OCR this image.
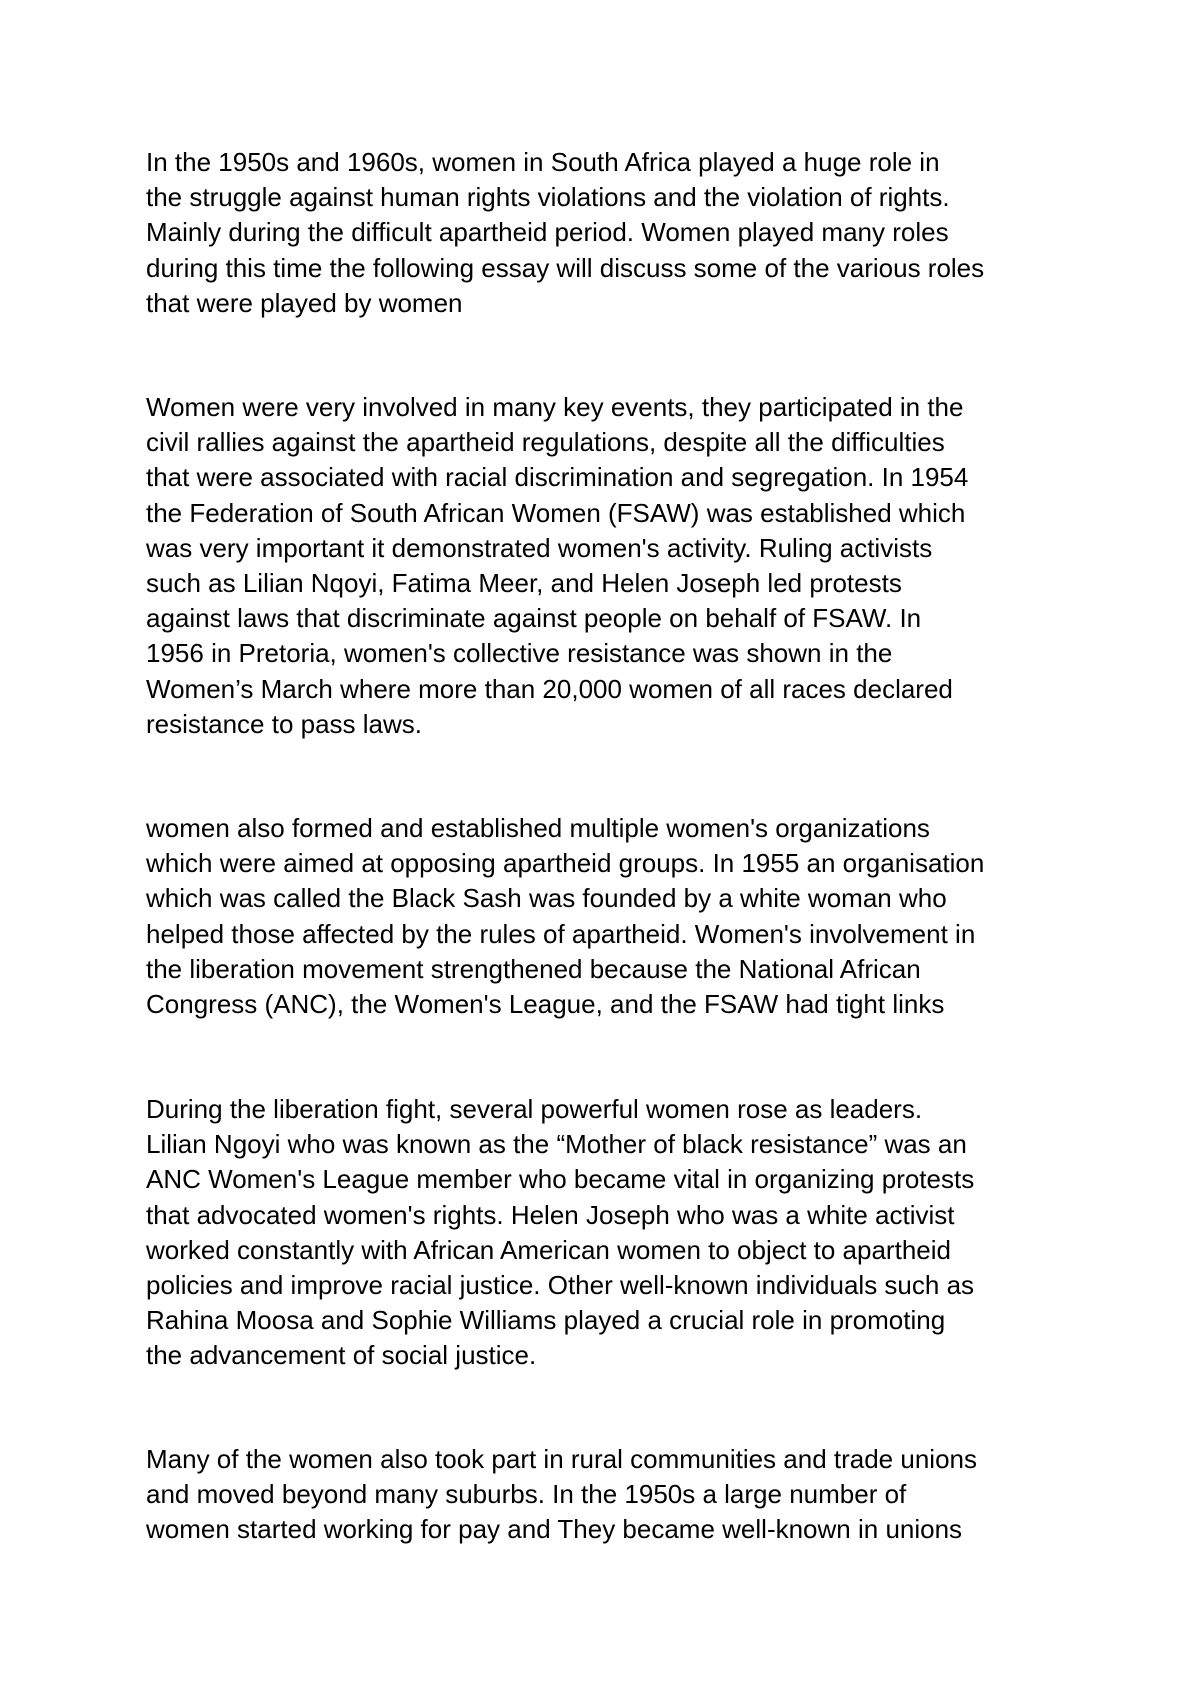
In the 1950s and 1960s, women in South Africa played a huge role in
the struggle against human rights violations and the violation of rights.
Mainly during the difficult apartheid period. Women played many roles
during this time the following essay will discuss some of the various roles
that were played by women

Women were very involved in many key events, they participated in the
civil rallies against the apartheid regulations, despite all the difficulties
that were associated with racial discrimination and segregation. In 1954
the Federation of South African Women (FSAW) was established which
was very important it demonstrated women's activity. Ruling activists
such as Lilian Nqoyi, Fatima Meer, and Helen Joseph led protests
against laws that discriminate against people on behalf of FSAW. In
1956 in Pretoria, women's collective resistance was shown in the
Women’s March where more than 20,000 women of all races declared
resistance to pass laws.

women also formed and established multiple women's organizations
which were aimed at opposing apartheid groups. In 1955 an organisation
which was called the Black Sash was founded by a white woman who
helped those affected by the rules of apartheid. Women's involvement in
the liberation movement strengthened because the National African
Congress (ANC), the Women's League, and the FSAW had tight links

During the liberation fight, several powerful women rose as leaders.
Lilian Ngoyi who was known as the “Mother of black resistance” was an
ANC Women's League member who became vital in organizing protests
that advocated women's rights. Helen Joseph who was a white activist
worked constantly with African American women to object to apartheid
policies and improve racial justice. Other well-known individuals such as
Rahina Moosa and Sophie Williams played a crucial role in promoting
the advancement of social justice.

Many of the women also took part in rural communities and trade unions
and moved beyond many suburbs. In the 1950s a large number of
women started working for pay and They became well-known in unions
